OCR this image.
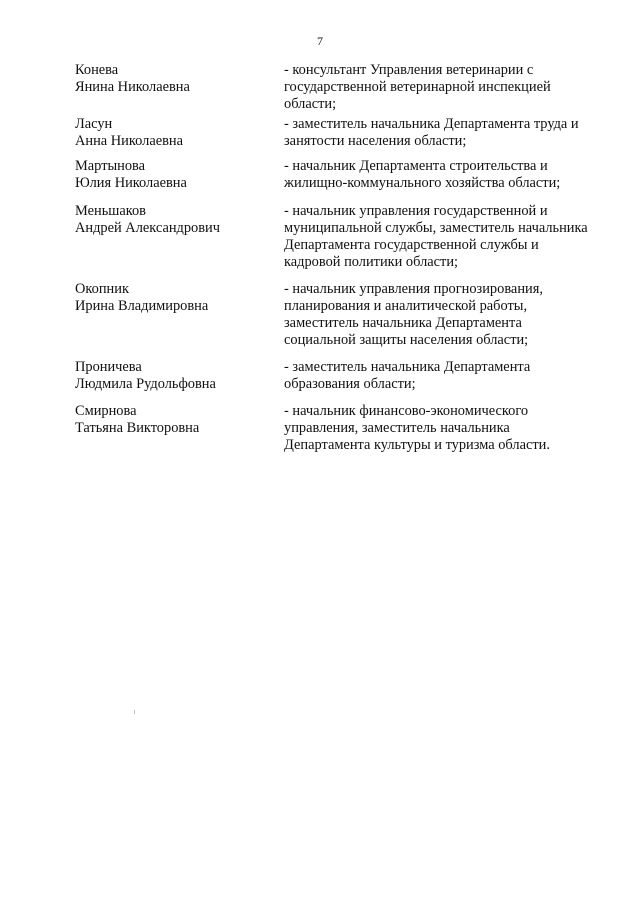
7
Конева
Янина Николаевна
- консультант Управления ветеринарии с
государственной ветеринарной инспекцией
области;
Ласун
Анна Николаевна
- заместитель начальника Департамента труда и
занятости населения области;
Мартынова
Юлия Николаевна
- начальник Департамента строительства и
жилищно-коммунального хозяйства области;
Меньшаков
Андрей Александрович
- начальник управления государственной и
муниципальной службы, заместитель начальника
Департамента государственной службы и
кадровой политики области;
Окопник
Ирина Владимировна
- начальник управления прогнозирования,
планирования и аналитической работы,
заместитель начальника Департамента
социальной защиты населения области;
Проничева
Людмила Рудольфовна
- заместитель начальника Департамента
образования области;
Смирнова
Татьяна Викторовна
- начальник финансово-экономического
управления, заместитель начальника
Департамента культуры и туризма области.
